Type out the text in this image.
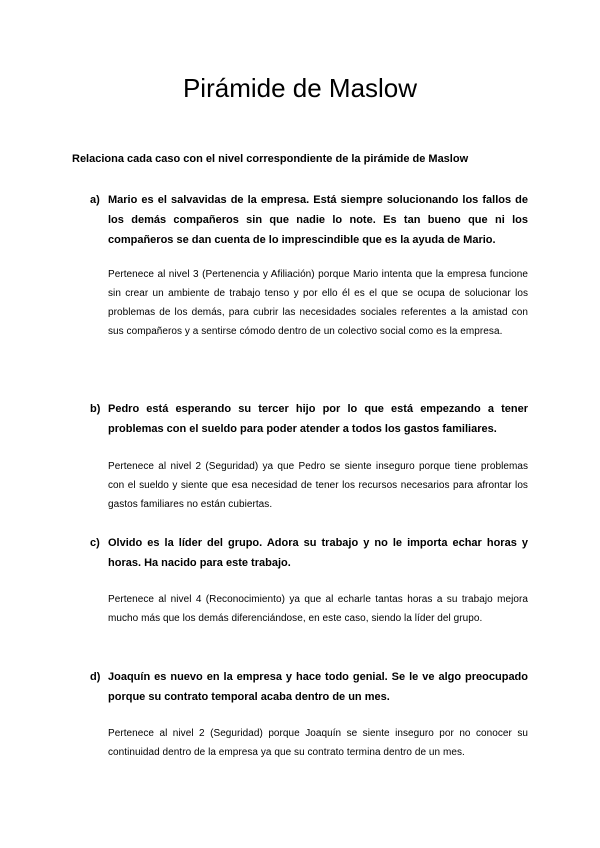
Pirámide de Maslow

Relaciona cada caso con el nivel correspondiente de la pirámide de Maslow

a) Mario es el salvavidas de la empresa. Está siempre solucionando los fallos de los demás compañeros sin que nadie lo note. Es tan bueno que ni los compañeros se dan cuenta de lo imprescindible que es la ayuda de Mario.

Pertenece al nivel 3 (Pertenencia y Afiliación) porque Mario intenta que la empresa funcione sin crear un ambiente de trabajo tenso y por ello él es el que se ocupa de solucionar los problemas de los demás, para cubrir las necesidades sociales referentes a la amistad con sus compañeros y a sentirse cómodo dentro de un colectivo social como es la empresa.

b) Pedro está esperando su tercer hijo por lo que está empezando a tener problemas con el sueldo para poder atender a todos los gastos familiares.

Pertenece al nivel 2 (Seguridad) ya que Pedro se siente inseguro porque tiene problemas con el sueldo y siente que esa necesidad de tener los recursos necesarios para afrontar los gastos familiares no están cubiertas.

c) Olvido es la líder del grupo. Adora su trabajo y no le importa echar horas y horas. Ha nacido para este trabajo.

Pertenece al nivel 4 (Reconocimiento) ya que al echarle tantas horas a su trabajo mejora mucho más que los demás diferenciándose, en este caso, siendo la líder del grupo.

d) Joaquín es nuevo en la empresa y hace todo genial. Se le ve algo preocupado porque su contrato temporal acaba dentro de un mes.

Pertenece al nivel 2 (Seguridad) porque Joaquín se siente inseguro por no conocer su continuidad dentro de la empresa ya que su contrato termina dentro de un mes.
